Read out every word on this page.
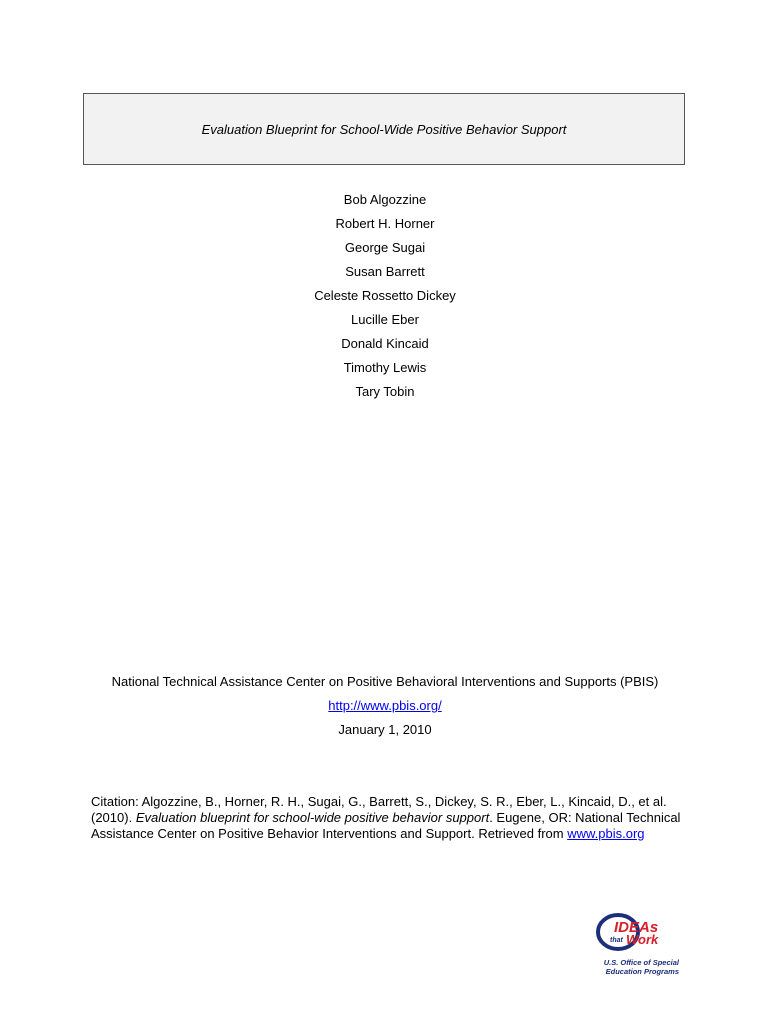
Evaluation Blueprint for School-Wide Positive Behavior Support
Bob Algozzine
Robert H. Horner
George Sugai
Susan Barrett
Celeste Rossetto Dickey
Lucille Eber
Donald Kincaid
Timothy Lewis
Tary Tobin
National Technical Assistance Center on Positive Behavioral Interventions and Supports (PBIS)
http://www.pbis.org/
January 1, 2010
Citation: Algozzine, B., Horner, R. H., Sugai, G., Barrett, S., Dickey, S. R., Eber, L., Kincaid, D., et al. (2010). Evaluation blueprint for school-wide positive behavior support. Eugene, OR: National Technical Assistance Center on Positive Behavior Interventions and Support. Retrieved from www.pbis.org
IDEAs
that Work
U.S. Office of Special
Education Programs
